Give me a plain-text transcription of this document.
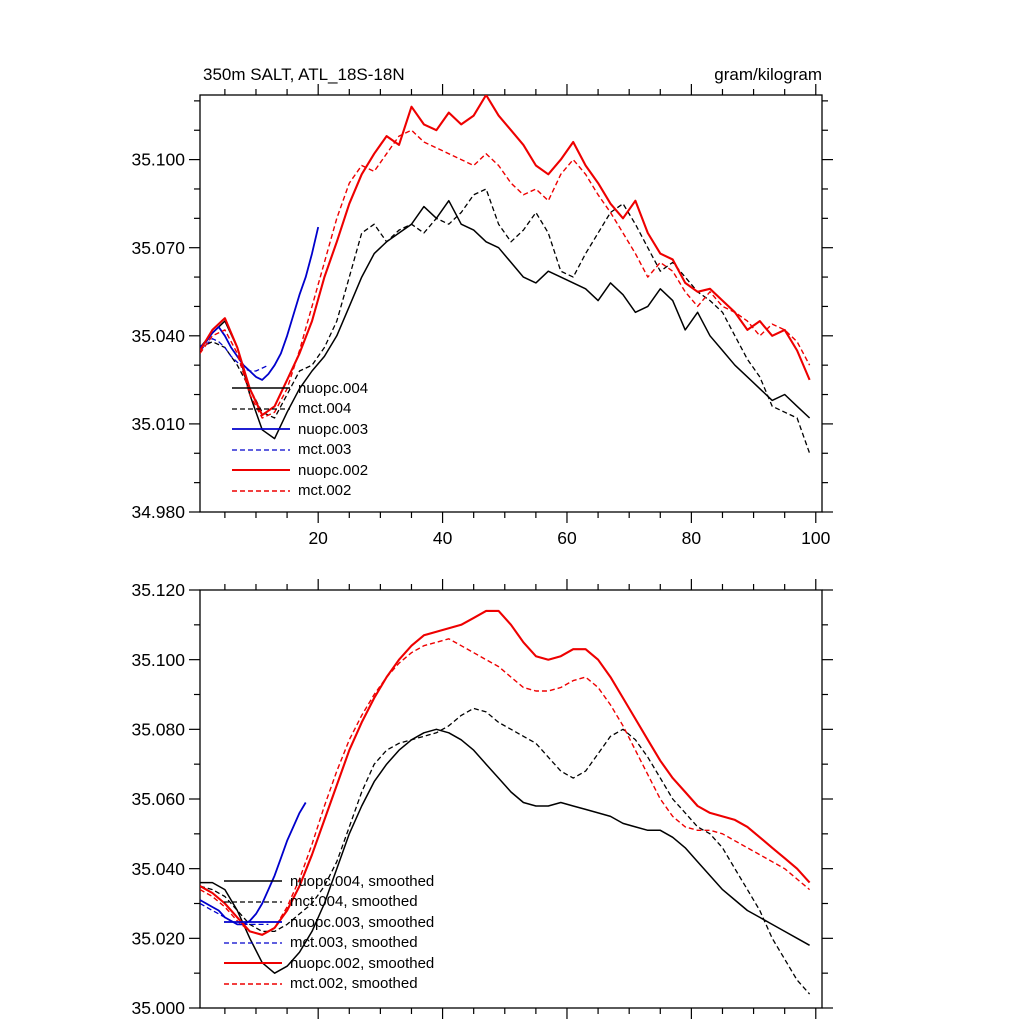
350m SALT, ATL_18S-18N	gram/kilogram
20	40	60	80	100
34.980
35.010
35.040
35.070
35.100
35.000
35.020
35.040
35.060
35.080
35.100
35.120
nuopc.004
mct.004
nuopc.003
mct.003
nuopc.002
mct.002
nuopc.004, smoothed
mct.004, smoothed
nuopc.003, smoothed
mct.003, smoothed
nuopc.002, smoothed
mct.002, smoothed
